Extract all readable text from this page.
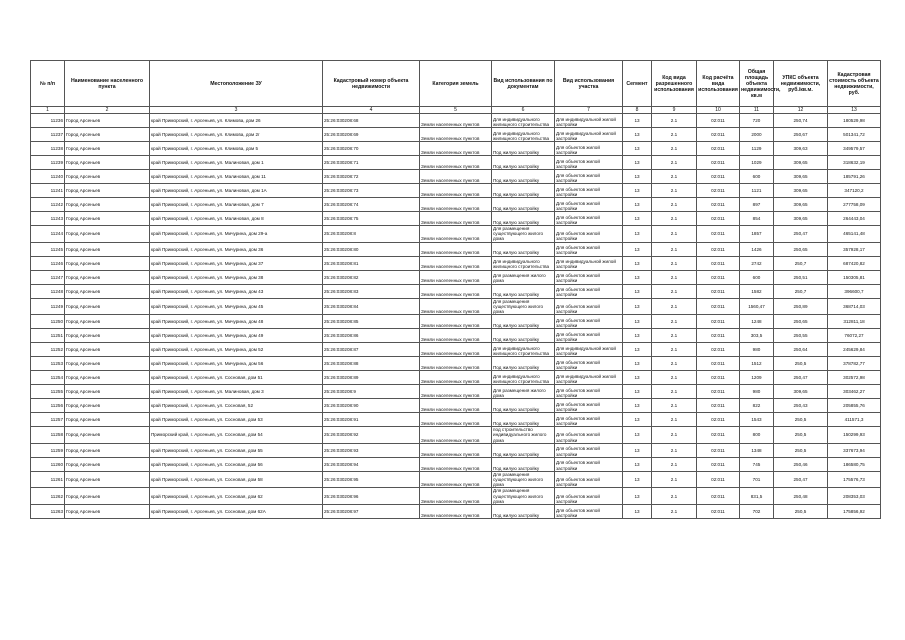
№ п/п	Наименование населенного пункта	Местоположение ЗУ	Кадастровый номер объекта недвижимости	Категория земель	Вид использования по документам	Вид использования участка	Сегмент	Код вида разрешенного использования	Код расчёта вида использования	Общая площадь объекта недвижимости, кв.м	УПКС объекта недвижимости, руб./кв.м.	Кадастровая стоимость объекта недвижимости, руб.
1	2	3	4	5	6	7	8	9	10	11	12	13
11236	Город Арсеньев	край Приморский, г. Арсеньев, ул. Климова, дом 26	25:26:030208:68	Земли населенных пунктов	Для индивидуального жилищного строительства	Для индивидуальной жилой застройки	13	2.1	02:011	720	250,74	180529,98
11237	Город Арсеньев	край Приморский, г. Арсеньев, ул. Климова, дом 2г	25:26:030208:69	Земли населенных пунктов	Для индивидуального жилищного строительства	Для индивидуальной жилой застройки	13	2.1	02:011	2000	250,67	501341,72
11238	Город Арсеньев	край Приморский, г. Арсеньев, ул. Климова, дом 5	25:26:030208:70	Земли населенных пунктов	Под жилую застройку	Для объектов жилой застройки	13	2.1	02:011	1129	309,63	349579,57
11239	Город Арсеньев	край Приморский, г. Арсеньев, ул. Малиновая, дом 1	25:26:030208:71	Земли населенных пунктов	Под жилую застройку	Для объектов жилой застройки	13	2.1	02:011	1029	309,65	318632,19
11240	Город Арсеньев	край Приморский, г. Арсеньев, ул. Малиновая, дом 11	25:26:030208:72	Земли населенных пунктов	Под жилую застройку	Для объектов жилой застройки	13	2.1	02:011	600	309,65	185791,26
11241	Город Арсеньев	край Приморский, г. Арсеньев, ул. Малиновая, дом 1А	25:26:030208:73	Земли населенных пунктов	Под жилую застройку	Для объектов жилой застройки	13	2.1	02:011	1121	309,65	347120,2
11242	Город Арсеньев	край Приморский, г. Арсеньев, ул. Малиновая, дом 7	25:26:030208:74	Земли населенных пунктов	Под жилую застройку	Для объектов жилой застройки	13	2.1	02:011	897	309,65	277758,09
11243	Город Арсеньев	край Приморский, г. Арсеньев, ул. Малиновая, дом 8	25:26:030208:75	Земли населенных пунктов	Под жилую застройку	Для объектов жилой застройки	13	2.1	02:011	854	309,65	264443,04
11244	Город Арсеньев	край Приморский, г. Арсеньев, ул. Мичурина, дом 29-а	25:26:030208:8	Земли населенных пунктов	Для размещения существующего жилого дома	Для объектов жилой застройки	13	2.1	02:011	1857	250,47	465141,48
11245	Город Арсеньев	край Приморский, г. Арсеньев, ул. Мичурина, дом 36	25:26:030208:80	Земли населенных пунктов	Под жилую застройку	Для объектов жилой застройки	13	2.1	02:011	1426	250,65	357928,17
11246	Город Арсеньев	край Приморский, г. Арсеньев, ул. Мичурина, дом 37	25:26:030208:81	Земли населенных пунктов	Для индивидуального жилищного строительства	Для индивидуальной жилой застройки	13	2.1	02:011	2742	250,7	687420,82
11247	Город Арсеньев	край Приморский, г. Арсеньев, ул. Мичурина, дом 38	25:26:030208:82	Земли населенных пунктов	Для размещения жилого дома	Для объектов жилой застройки	13	2.1	02:011	600	250,51	150305,81
11248	Город Арсеньев	край Приморский, г. Арсеньев, ул. Мичурина, дом 43	25:26:030208:83	Земли населенных пунктов	Под жилую застройку	Для объектов жилой застройки	13	2.1	02:011	1582	250,7	396600,7
11249	Город Арсеньев	край Приморский, г. Арсеньев, ул. Мичурина, дом 45	25:26:030208:84	Земли населенных пунктов	Для размещения существующего жилого дома	Для объектов жилой застройки	13	2.1	02:011	1560,47	250,89	368714,03
11250	Город Арсеньев	край Приморский, г. Арсеньев, ул. Мичурина, дом 48	25:26:030208:85	Земли населенных пунктов	Под жилую застройку	Для объектов жилой застройки	13	2.1	02:011	1248	250,65	312811,18
11251	Город Арсеньев	край Приморский, г. Арсеньев, ул. Мичурина, дом 49	25:26:030208:86	Земли населенных пунктов	Под жилую застройку	Для объектов жилой застройки	13	2.1	02:011	303,5	250,55	76072,27
11252	Город Арсеньев	край Приморский, г. Арсеньев, ул. Мичурина, дом 52	25:26:030208:87	Земли населенных пунктов	Для индивидуального жилищного строительства	Для индивидуальной жилой застройки	13	2.1	02:011	980	250,64	245629,84
11253	Город Арсеньев	край Приморский, г. Арсеньев, ул. Мичурина, дом 56	25:26:030208:88	Земли населенных пунктов	Под жилую застройку	Для объектов жилой застройки	13	2.1	02:011	1512	250,5	378782,77
11254	Город Арсеньев	край Приморский, г. Арсеньев, ул. Сосновая, дом 51	25:26:030208:89	Земли населенных пунктов	Для индивидуального жилищного строительства	Для индивидуальной жилой застройки	13	2.1	02:011	1209	250,47	302572,98
11255	Город Арсеньев	край Приморский, г. Арсеньев, ул. Малиновая, дом 3	25:26:030208:9	Земли населенных пунктов	Для размещения жилого дома	Для объектов жилой застройки	13	2.1	02:011	980	309,65	303462,27
11256	Город Арсеньев	край Приморский, г. Арсеньев, ул. Сосновая, 52	25:26:030208:90	Земли населенных пунктов	Под жилую застройку	Для объектов жилой застройки	13	2.1	02:011	822	250,43	205855,76
11257	Город Арсеньев	край Приморский, г. Арсеньев, ул. Сосновая, дом 53	25:26:030208:91	Земли населенных пунктов	Под жилую застройку	Для объектов жилой застройки	13	2.1	02:011	1543	250,5	411571,3
11258	Город Арсеньев	Приморский край, г. Арсеньев, ул. Сосновая, дом 54	25:26:030208:92	Земли населенных пунктов	под строительство индивидуального жилого дома	Для объектов жилой застройки	13	2.1	02:011	800	250,5	150299,93
11259	Город Арсеньев	край Приморский, г. Арсеньев, ул. Сосновая, дом 55	25:26:030208:93	Земли населенных пунктов	Под жилую застройку	Для объектов жилой застройки	13	2.1	02:011	1348	250,5	337673,94
11260	Город Арсеньев	край Приморский, г. Арсеньев, ул. Сосновая, дом 56	25:26:030208:94	Земли населенных пунктов	Под жилую застройку	Для объектов жилой застройки	13	2.1	02:011	745	250,46	186580,75
11261	Город Арсеньев	край Приморский, г. Арсеньев, ул. Сосновая, дом 58	25:26:030208:95	Земли населенных пунктов	Для размещения существующего жилого дома	Для объектов жилой застройки	13	2.1	02:011	701	250,47	175576,73
11262	Город Арсеньев	край Приморский, г. Арсеньев, ул. Сосновая, дом 62	25:26:030208:96	Земли населенных пунктов	Для размещения существующего жилого дома	Для объектов жилой застройки	13	2.1	02:011	831,5	250,48	208353,03
11263	Город Арсеньев	край Приморский, г. Арсеньев, ул. Сосновая, дом 62А	25:26:030208:97	Земли населенных пунктов	Под жилую застройку	Для объектов жилой застройки	13	2.1	02:011	702	250,5	175856,92
